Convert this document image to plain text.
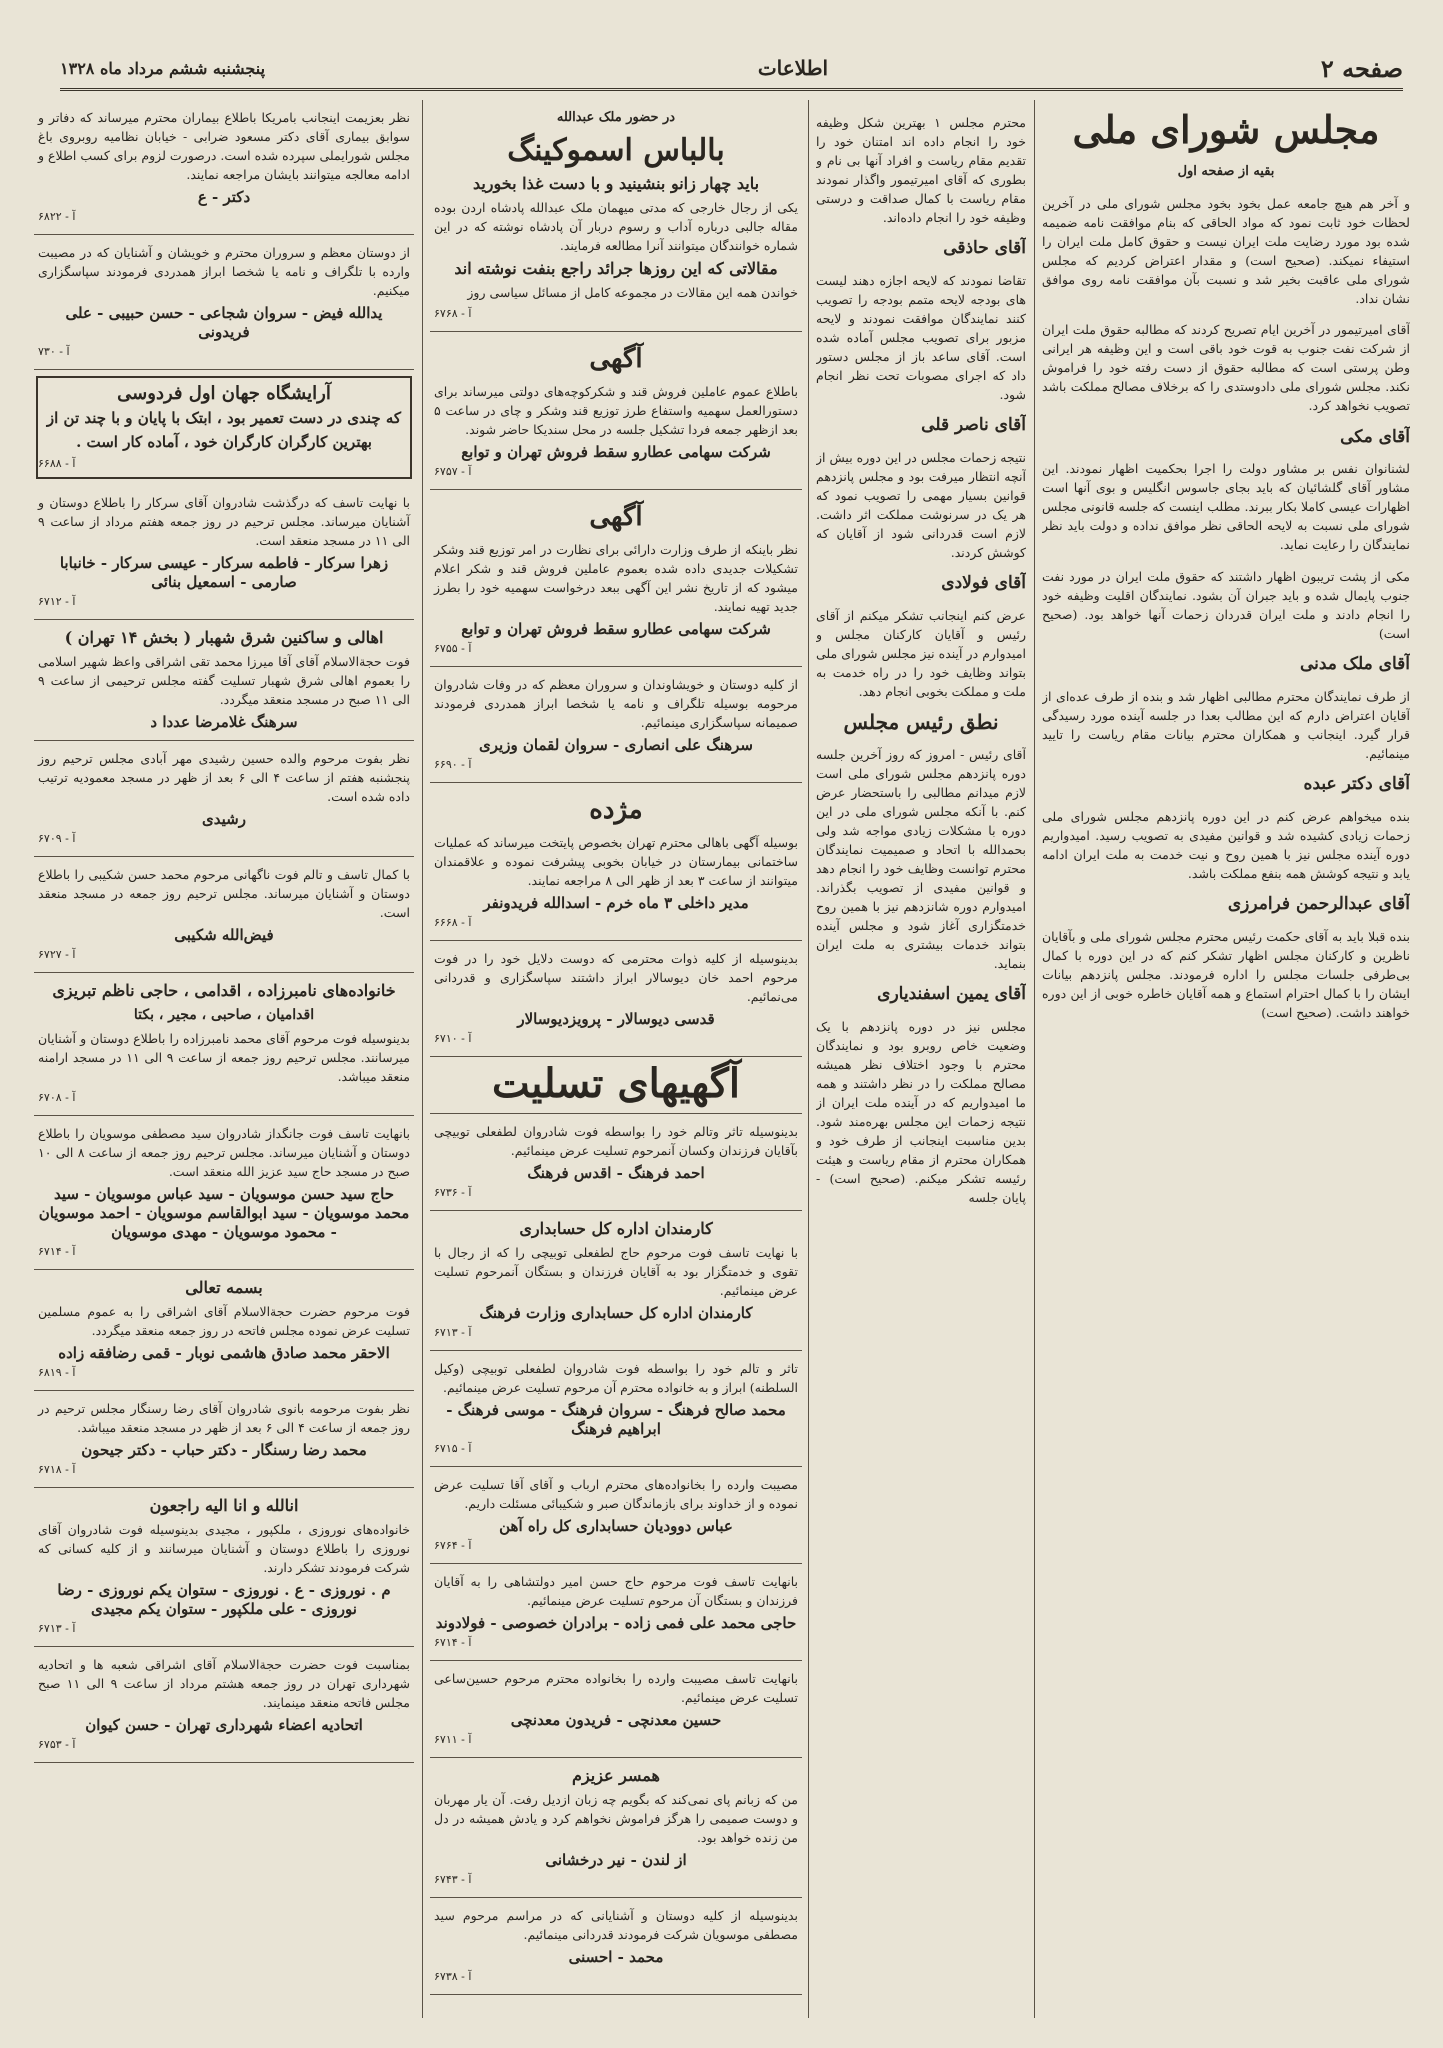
صفحه ۲
اطلاعات
پنجشنبه ششم مرداد ماه ۱۳۲۸
مجلس شورای ملی
بقیه از صفحه اول

و آخر هم هیچ جامعه عمل بخود بخود مجلس شورای ملی در آخرین لحظات خود ثابت نمود که مواد الحاقی که بنام موافقت نامه ضمیمه شده بود مورد رضایت ملت ایران نیست و حقوق کامل ملت ایران را استیفاء نمیکند. (صحیح است) و مقدار اعتراض کردیم که مجلس شورای ملی عاقبت بخیر شد و نسبت بآن موافقت نامه روی موافق نشان نداد.

آقای امیرتیمور در آخرین ایام تصریح کردند که مطالبه حقوق ملت ایران از شرکت نفت جنوب به قوت خود باقی است و این وظیفه هر ایرانی وطن پرستی است که مطالبه حقوق از دست رفته خود را فراموش نکند. مجلس شورای ملی دادوستدی را که برخلاف مصالح مملکت باشد تصویب نخواهد کرد.

آقای مکی

لشنانوان نفس بر مشاور دولت را اجرا بحکمیت اظهار نمودند. این مشاور آقای گلشائیان که باید بجای جاسوس انگلیس و بوی آنها است اظهارات عیسی کاملا بکار ببرند. مطلب اینست که جلسه قانونی مجلس شورای ملی نسبت به لایحه الحاقی نظر موافق نداده و دولت باید نظر نمایندگان را رعایت نماید.

مکی از پشت تریبون اظهار داشتند که حقوق ملت ایران در مورد نفت جنوب پایمال شده و باید جبران آن بشود. نمایندگان اقلیت وظیفه خود را انجام دادند و ملت ایران قدردان زحمات آنها خواهد بود. (صحیح است)

آقای ملک مدنی

از طرف نمایندگان محترم مطالبی اظهار شد و بنده از طرف عده‌ای از آقایان اعتراض دارم که این مطالب بعدا در جلسه آینده مورد رسیدگی قرار گیرد. اینجانب و همکاران محترم بیانات مقام ریاست را تایید مینمائیم.

آقای دکتر عبده

بنده میخواهم عرض کنم در این دوره پانزدهم مجلس شورای ملی زحمات زیادی کشیده شد و قوانین مفیدی به تصویب رسید. امیدواریم دوره آینده مجلس نیز با همین روح و نیت خدمت به ملت ایران ادامه یابد و نتیجه کوشش همه بنفع مملکت باشد.

آقای عبدالرحمن فرامرزی

بنده قبلا باید به آقای حکمت رئیس محترم مجلس شورای ملی و بآقایان ناظرین و کارکنان مجلس اظهار تشکر کنم که در این دوره با کمال بی‌طرفی جلسات مجلس را اداره فرمودند. مجلس پانزدهم بیانات ایشان را با کمال احترام استماع و همه آقایان خاطره خوبی از این دوره خواهند داشت. (صحیح است)

محترم مجلس ۱ بهترین شکل وظیفه خود را انجام داده اند امتنان خود را تقدیم مقام ریاست و افراد آنها بی نام و بطوری که آقای امیرتیمور واگذار نمودند مقام ریاست با کمال صداقت و درستی وظیفه خود را انجام داده‌اند.

آقای حاذقی

تقاضا نمودند که لایحه اجازه دهند لیست های بودجه لایحه متمم بودجه را تصویب کنند نمایندگان موافقت نمودند و لایحه مزبور برای تصویب مجلس آماده شده است. آقای ساعد باز از مجلس دستور داد که اجرای مصوبات تحت نظر انجام شود.

آقای ناصر قلی

نتیجه زحمات مجلس در این دوره بیش از آنچه انتظار میرفت بود و مجلس پانزدهم قوانین بسیار مهمی را تصویب نمود که هر یک در سرنوشت مملکت اثر داشت. لازم است قدردانی شود از آقایان که کوشش کردند.

آقای فولادی

عرض کنم اینجانب تشکر میکنم از آقای رئیس و آقایان کارکنان مجلس و امیدوارم در آینده نیز مجلس شورای ملی بتواند وظایف خود را در راه خدمت به ملت و مملکت بخوبی انجام دهد.

نطق رئیس مجلس

آقای رئیس - امروز که روز آخرین جلسه دوره پانزدهم مجلس شورای ملی است لازم میدانم مطالبی را باستحضار عرض کنم. با آنکه مجلس شورای ملی در این دوره با مشکلات زیادی مواجه شد ولی بحمدالله با اتحاد و صمیمیت نمایندگان محترم توانست وظایف خود را انجام دهد و قوانین مفیدی از تصویب بگذراند. امیدوارم دوره شانزدهم نیز با همین روح خدمتگزاری آغاز شود و مجلس آینده بتواند خدمات بیشتری به ملت ایران بنماید.

آقای یمین اسفندیاری

مجلس نیز در دوره پانزدهم با یک وضعیت خاص روبرو بود و نمایندگان محترم با وجود اختلاف نظر همیشه مصالح مملکت را در نظر داشتند و همه ما امیدواریم که در آینده ملت ایران از نتیجه زحمات این مجلس بهره‌مند شود. بدین مناسبت اینجانب از طرف خود و همکاران محترم از مقام ریاست و هیئت رئیسه تشکر میکنم. (صحیح است) - پایان جلسه

در حضور ملک عبدالله
بالباس اسموکینگ
باید چهار زانو بنشینید و با دست غذا بخورید

یکی از رجال خارجی که مدتی میهمان ملک عبدالله پادشاه اردن بوده مقاله جالبی درباره آداب و رسوم دربار آن پادشاه نوشته که در این شماره خوانندگان میتوانند آنرا مطالعه فرمایند.

مقالاتی که این روزها جرائد راجع بنفت نوشته اند

خواندن همه این مقالات در مجموعه کامل از مسائل سیاسی روز

آ - ۶۷۶۸
آگهی

باطلاع عموم عاملین فروش قند و شکرکوچه‌های دولتی میرساند برای دستورالعمل سهمیه واستفاع طرز توزیع قند وشکر و چای در ساعت ۵ بعد ازظهر جمعه فردا تشکیل جلسه در محل سندیکا حاضر شوند.

شرکت سهامی عطارو سقط فروش تهران و توابع
آ - ۶۷۵۷
آگهی

نظر باینکه از طرف وزارت دارائی برای نظارت در امر توزیع قند وشکر تشکیلات جدیدی داده شده بعموم عاملین فروش قند و شکر اعلام میشود که از تاریخ نشر این آگهی ببعد درخواست سهمیه خود را بطرز جدید تهیه نمایند.

شرکت سهامی عطارو سقط فروش تهران و توابع
آ - ۶۷۵۵

از کلیه دوستان و خویشاوندان و سروران معظم که در وفات شادروان مرحومه بوسیله تلگراف و نامه یا شخصا ابراز همدردی فرمودند صمیمانه سپاسگزاری مینمائیم.

سرهنگ علی انصاری - سروان لقمان وزیری
آ - ۶۶۹۰
مژده

بوسیله آگهی باهالی محترم تهران بخصوص پایتخت میرساند که عملیات ساختمانی بیمارستان در خیابان بخوبی پیشرفت نموده و علاقمندان میتوانند از ساعت ۳ بعد از ظهر الی ۸ مراجعه نمایند.

مدیر داخلی ۳ ماه خرم - اسدالله فریدونفر
آ - ۶۶۶۸

بدینوسیله از کلیه ذوات محترمی که دوست دلایل خود را در فوت مرحوم احمد خان دیوسالار ابراز داشتند سپاسگزاری و قدردانی می‌نمائیم.

قدسی دیوسالار - پرویزدیوسالار
آ - ۶۷۱۰
آگهیهای تسلیت

بدینوسیله تاثر وتالم خود را بواسطه فوت شادروان لطفعلی توبیچی بآقایان فرزندان وکسان آنمرحوم تسلیت عرض مینمائیم.

احمد فرهنگ - اقدس فرهنگ
آ - ۶۷۳۶
کارمندان اداره کل حسابداری

با نهایت تاسف فوت مرحوم حاج لطفعلی توبیچی را که از رجال با تقوی و خدمتگزار بود به آقایان فرزندان و بستگان آنمرحوم تسلیت عرض مینمائیم.

کارمندان اداره کل حسابداری وزارت فرهنگ
آ - ۶۷۱۳

تاثر و تالم خود را بواسطه فوت شادروان لطفعلی توبیچی (وکیل السلطنه) ابراز و به خانواده محترم آن مرحوم تسلیت عرض مینمائیم.

محمد صالح فرهنگ - سروان فرهنگ - موسی فرهنگ - ابراهیم فرهنگ
آ - ۶۷۱۵

مصیبت وارده را بخانواده‌های محترم ارباب و آقای آقا تسلیت عرض نموده و از خداوند برای بازماندگان صبر و شکیبائی مسئلت داریم.

عباس دوودیان حسابداری کل راه آهن
آ - ۶۷۶۴

بانهایت تاسف فوت مرحوم حاج حسن امیر دولتشاهی را به آقایان فرزندان و بستگان آن مرحوم تسلیت عرض مینمائیم.

حاجی محمد علی فمی زاده - برادران خصوصی - فولادوند
آ - ۶۷۱۴

بانهایت تاسف مصیبت وارده را بخانواده محترم مرحوم حسین‌ساعی تسلیت عرض مینمائیم.

حسین معدنچی - فریدون معدنچی
آ - ۶۷۱۱
همسر عزیزم

من که زبانم پای نمی‌کند که بگویم چه زبان ازدیل رفت. آن یار مهربان و دوست صمیمی را هرگز فراموش نخواهم کرد و یادش همیشه در دل من زنده خواهد بود.

از لندن - نیر درخشانی
آ - ۶۷۴۳

بدینوسیله از کلیه دوستان و آشنایانی که در مراسم مرحوم سید مصطفی موسویان شرکت فرمودند قدردانی مینمائیم.

محمد - احسنی
آ - ۶۷۳۸

نظر بعزیمت اینجانب بامریکا باطلاع بیماران محترم میرساند که دفاتر و سوابق بیماری آقای دکتر مسعود ضرابی - خیابان نظامیه روبروی باغ مجلس شورایملی سپرده شده است. درصورت لزوم برای کسب اطلاع و ادامه معالجه میتوانند بایشان مراجعه نمایند.

دکتر - ع
آ - ۶۸۲۲

از دوستان معظم و سروران محترم و خویشان و آشنایان که در مصیبت وارده با تلگراف و نامه یا شخصا ابراز همدردی فرمودند سپاسگزاری میکنیم.

یدالله فیض - سروان شجاعی - حسن حبیبی - علی فریدونی
آ - ۷۳۰
آرایشگاه جهان اول فردوسی
که چندی در دست تعمیر بود ، ابتک با پایان و با چند تن از بهترین کارگران کارگران خود ، آماده کار است .
آ - ۶۶۸۸

با نهایت تاسف که درگذشت شادروان آقای سرکار را باطلاع دوستان و آشنایان میرساند. مجلس ترحیم در روز جمعه هفتم مرداد از ساعت ۹ الی ۱۱ در مسجد منعقد است.

زهرا سرکار - فاطمه سرکار - عیسی سرکار - خانبابا صارمی - اسمعیل بنائی
آ - ۶۷۱۲
اهالی و ساکنین شرق شهبار ( بخش ۱۴ تهران )

فوت حجة‌الاسلام آقای آقا میرزا محمد تقی اشراقی واعظ شهیر اسلامی را بعموم اهالی شرق شهبار تسلیت گفته مجلس ترحیمی از ساعت ۹ الی ۱۱ صبح در مسجد منعقد میگردد.

سرهنگ غلامرضا عددا د

نظر بفوت مرحوم والده حسین رشیدی مهر آبادی مجلس ترحیم روز پنجشنبه هفتم از ساعت ۴ الی ۶ بعد از ظهر در مسجد معمودیه ترتیب داده شده است.

رشیدی
آ - ۶۷۰۹

با کمال تاسف و تالم فوت ناگهانی مرحوم محمد حسن شکیبی را باطلاع دوستان و آشنایان میرساند. مجلس ترحیم روز جمعه در مسجد منعقد است.

فیض‌الله شکیبی
آ - ۶۷۲۷
خانواده‌های نامبرزاده ، اقدامی ، حاجی ناظم تبریزی
اقدامیان ، صاحبی ، مجیر ، بکتا

بدینوسیله فوت مرحوم آقای محمد نامبرزاده را باطلاع دوستان و آشنایان میرسانند. مجلس ترحیم روز جمعه از ساعت ۹ الی ۱۱ در مسجد ارامنه منعقد میباشد.

آ - ۶۷۰۸

بانهایت تاسف فوت جانگداز شادروان سید مصطفی موسویان را باطلاع دوستان و آشنایان میرساند. مجلس ترحیم روز جمعه از ساعت ۸ الی ۱۰ صبح در مسجد حاج سید عزیز الله منعقد است.

حاج سید حسن موسویان - سید عباس موسویان - سید محمد موسویان - سید ابوالقاسم موسویان - احمد موسویان - محمود موسویان - مهدی موسویان
آ - ۶۷۱۴
بسمه تعالی

فوت مرحوم حضرت حجة‌الاسلام آقای اشراقی را به عموم مسلمین تسلیت عرض نموده مجلس فاتحه در روز جمعه منعقد میگردد.

الاحقر محمد صادق هاشمی نوبار - قمی رضافقه زاده
آ - ۶۸۱۹

نظر بفوت مرحومه بانوی شادروان آقای رضا رسنگار مجلس ترحیم در روز جمعه از ساعت ۴ الی ۶ بعد از ظهر در مسجد منعقد میباشد.

محمد رضا رسنگار - دکتر حباب - دکتر جیحون
آ - ۶۷۱۸
انالله و انا الیه راجعون

خانواده‌های نوروزی ، ملکپور ، مجیدی بدینوسیله فوت شادروان آقای نوروزی را باطلاع دوستان و آشنایان میرسانند و از کلیه کسانی که شرکت فرمودند تشکر دارند.

م . نوروزی - ع . نوروزی - ستوان یکم نوروزی - رضا نوروزی - علی ملکپور - ستوان یکم مجیدی
آ - ۶۷۱۳

بمناسبت فوت حضرت حجة‌الاسلام آقای اشراقی شعبه ها و اتحادیه شهرداری تهران در روز جمعه هشتم مرداد از ساعت ۹ الی ۱۱ صبح مجلس فاتحه منعقد مینمایند.

اتحادیه اعضاء شهرداری تهران - حسن کیوان
آ - ۶۷۵۳
